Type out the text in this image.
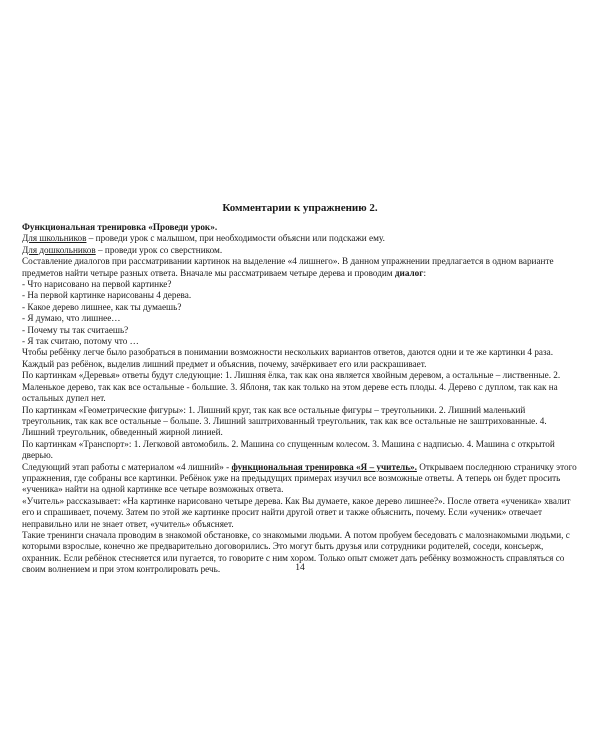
Комментарии к упражнению 2.

Функциональная тренировка «Проведи урок».

Для школьников – проведи урок с малышом, при необходимости объясни или подскажи ему.

Для дошкольников – проведи урок со сверстником.

Составление диалогов при рассматривании картинок на выделение «4 лишнего». В данном упражнении предлагается в одном варианте предметов найти четыре разных ответа. Вначале мы рассматриваем четыре дерева и проводим диалог:

- Что нарисовано на первой картинке?

- На первой картинке нарисованы 4 дерева.

- Какое дерево лишнее, как ты думаешь?

- Я думаю, что лишнее…

- Почему ты так считаешь?

- Я так считаю, потому что …

Чтобы ребёнку легче было разобраться в понимании возможности нескольких вариантов ответов, даются одни и те же картинки 4 раза. Каждый раз ребёнок, выделив лишний предмет и объяснив, почему, зачёркивает его или раскрашивает.

По картинкам «Деревья» ответы будут следующие: 1. Лишняя ёлка, так как она является хвойным деревом, а остальные – лиственные. 2. Маленькое дерево, так как все остальные - большие. 3. Яблоня, так как только на этом дереве есть плоды. 4. Дерево с дуплом, так как на остальных дупел нет.

По картинкам «Геометрические фигуры»: 1. Лишний круг, так как все остальные фигуры – треугольники. 2. Лишний маленький треугольник, так как все остальные – больше. 3. Лишний заштрихованный треугольник, так как все остальные не заштрихованные. 4. Лишний треугольник, обведенный жирной линией.

По картинкам «Транспорт»: 1. Легковой автомобиль. 2. Машина со спущенным колесом. 3. Машина с надписью. 4. Машина с открытой дверью.

Следующий этап работы с материалом «4 лишний» - функциональная тренировка «Я – учитель». Открываем последнюю страничку этого упражнения, где собраны все картинки. Ребёнок уже на предыдущих примерах изучил все возможные ответы. А теперь он будет просить «ученика» найти на одной картинке все четыре возможных ответа.

«Учитель» рассказывает: «На картинке нарисовано четыре дерева. Как Вы думаете, какое дерево лишнее?». После ответа «ученика» хвалит его и спрашивает, почему. Затем по этой же картинке просит найти другой ответ и также объяснить, почему. Если «ученик» отвечает неправильно или не знает ответ, «учитель» объясняет.

Такие тренинги сначала проводим в знакомой обстановке, со знакомыми людьми. А потом пробуем беседовать с малознакомыми людьми, с которыми взрослые, конечно же предварительно договорились. Это могут быть друзья или сотрудники родителей, соседи, консьерж, охранник. Если ребёнок стесняется или пугается, то говорите с ним хором. Только опыт сможет дать ребёнку возможность справляться со своим волнением и при этом контролировать речь.	14
